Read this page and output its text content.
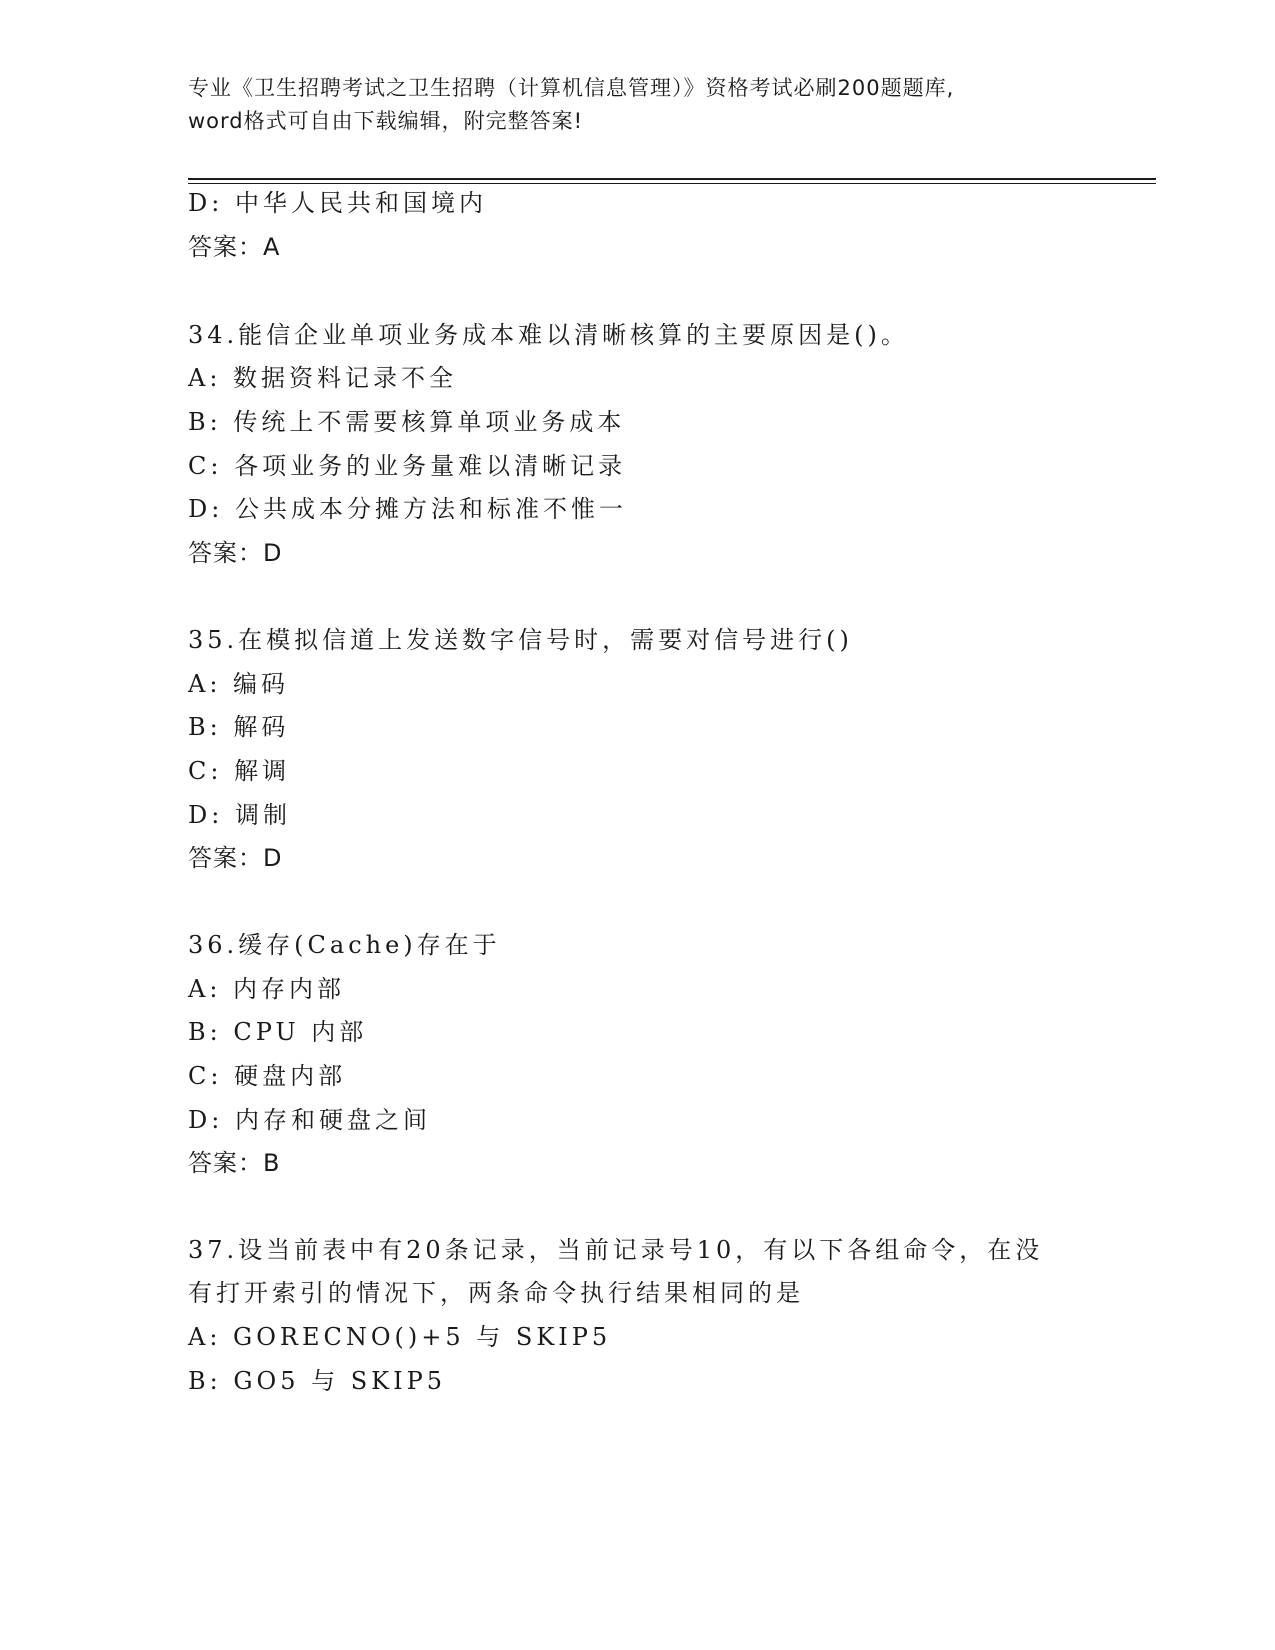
专业《卫生招聘考试之卫生招聘（计算机信息管理）》资格考试必刷200题题库,
word格式可自由下载编辑，附完整答案!
D: 中华人民共和国境内
答案：A
34.能信企业单项业务成本难以清晰核算的主要原因是()。
A: 数据资料记录不全
B: 传统上不需要核算单项业务成本
C: 各项业务的业务量难以清晰记录
D: 公共成本分摊方法和标准不惟一
答案：D
35.在模拟信道上发送数字信号时，需要对信号进行()
A: 编码
B: 解码
C: 解调
D: 调制
答案：D
36.缓存(Cache)存在于
A: 内存内部
B: CPU 内部
C: 硬盘内部
D: 内存和硬盘之间
答案：B
37.设当前表中有20条记录，当前记录号10，有以下各组命令，在没
有打开索引的情况下，两条命令执行结果相同的是
A: GORECNO()+5 与 SKIP5
B: GO5 与 SKIP5
